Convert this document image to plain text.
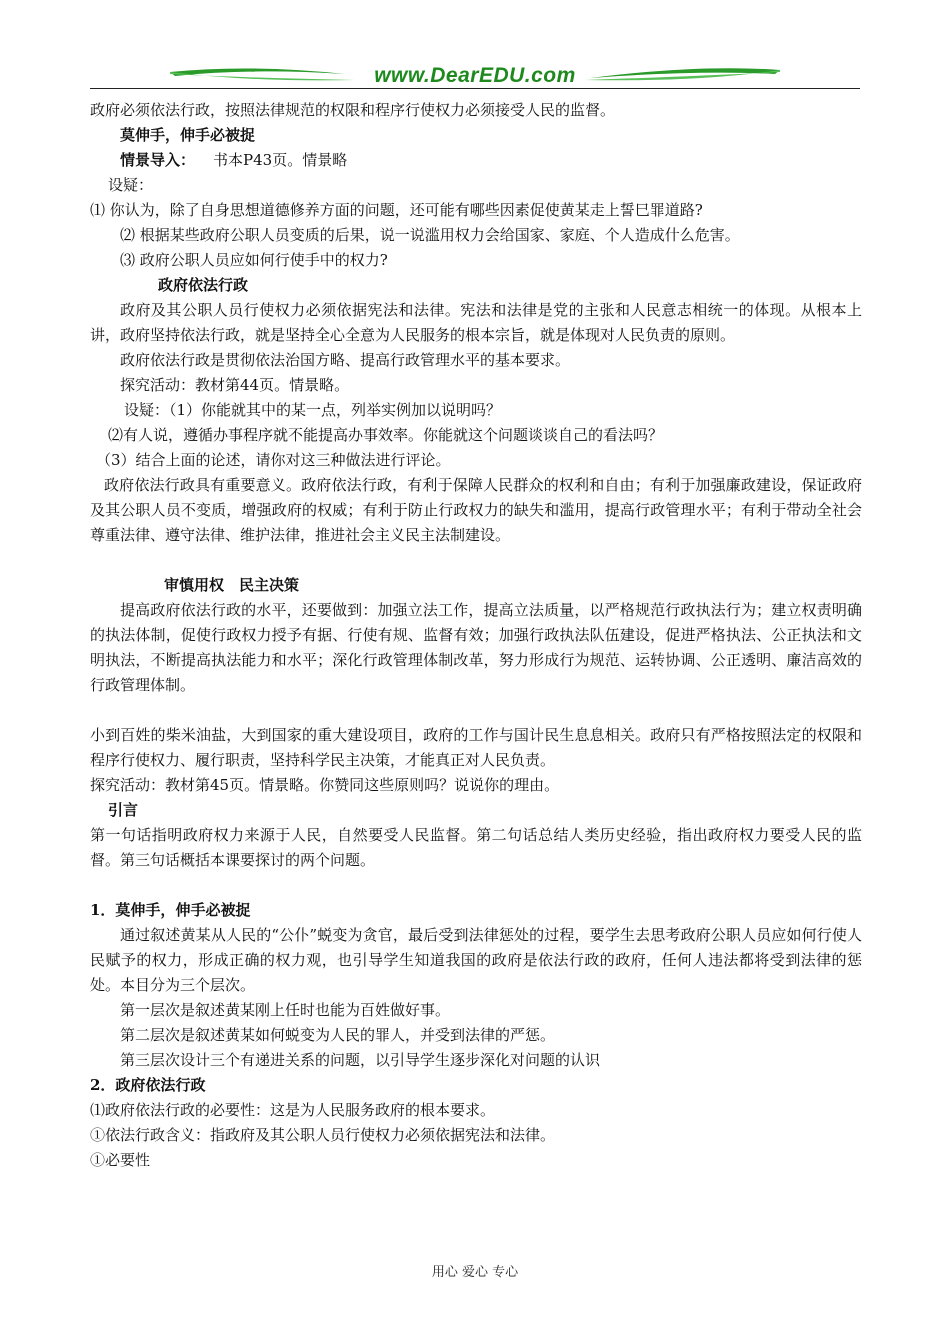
www.DearEDU.com

政府必须依法行政，按照法律规范的权限和程序行使权力必须接受人民的监督。

莫伸手，伸手必被捉

情景导入： 书本P43页。情景略

设疑：

⑴ 你认为，除了自身思想道德修养方面的问题，还可能有哪些因素促使黄某走上誓巳罪道路?

⑵ 根据某些政府公职人员变质的后果，说一说滥用权力会给国家、家庭、个人造成什么危害。

⑶ 政府公职人员应如何行使手中的权力?

政府依法行政

政府及其公职人员行使权力必须依据宪法和法律。宪法和法律是党的主张和人民意志相统一的体现。从根本上讲，政府坚持依法行政，就是坚持全心全意为人民服务的根本宗旨，就是体现对人民负责的原则。

政府依法行政是贯彻依法治国方略、提高行政管理水平的基本要求。

探究活动：教材第44页。情景略。

设疑：（1）你能就其中的某一点，列举实例加以说明吗？

⑵有人说，遵循办事程序就不能提高办事效率。你能就这个问题谈谈自己的看法吗？

（3）结合上面的论述，请你对这三种做法进行评论。

政府依法行政具有重要意义。政府依法行政，有利于保障人民群众的权利和自由；有利于加强廉政建设，保证政府及其公职人员不变质，增强政府的权威；有利于防止行政权力的缺失和滥用，提高行政管理水平；有利于带动全社会尊重法律、遵守法律、维护法律，推进社会主义民主法制建设。

审慎用权　民主决策

提高政府依法行政的水平，还要做到：加强立法工作，提高立法质量，以严格规范行政执法行为；建立权责明确的执法体制，促使行政权力授予有据、行使有规、监督有效；加强行政执法队伍建设，促进严格执法、公正执法和文明执法，不断提高执法能力和水平；深化行政管理体制改革，努力形成行为规范、运转协调、公正透明、廉洁高效的行政管理体制。

小到百姓的柴米油盐，大到国家的重大建设项目，政府的工作与国计民生息息相关。政府只有严格按照法定的权限和程序行使权力、履行职责，坚持科学民主决策，才能真正对人民负责。

探究活动：教材第45页。情景略。你赞同这些原则吗？说说你的理由。

引言

第一句话指明政府权力来源于人民，自然要受人民监督。第二句话总结人类历史经验，指出政府权力要受人民的监督。第三句话概括本课要探讨的两个问题。

1．莫伸手，伸手必被捉

通过叙述黄某从人民的“公仆”蜕变为贪官，最后受到法律惩处的过程，要学生去思考政府公职人员应如何行使人民赋予的权力，形成正确的权力观，也引导学生知道我国的政府是依法行政的政府，任何人违法都将受到法律的惩处。本目分为三个层次。

第一层次是叙述黄某刚上任时也能为百姓做好事。

第二层次是叙述黄某如何蜕变为人民的罪人，并受到法律的严惩。

第三层次设计三个有递进关系的问题，以引导学生逐步深化对问题的认识

2．政府依法行政

⑴政府依法行政的必要性：这是为人民服务政府的根本要求。

①依法行政含义：指政府及其公职人员行使权力必须依据宪法和法律。

①必要性

用心 爱心 专心
